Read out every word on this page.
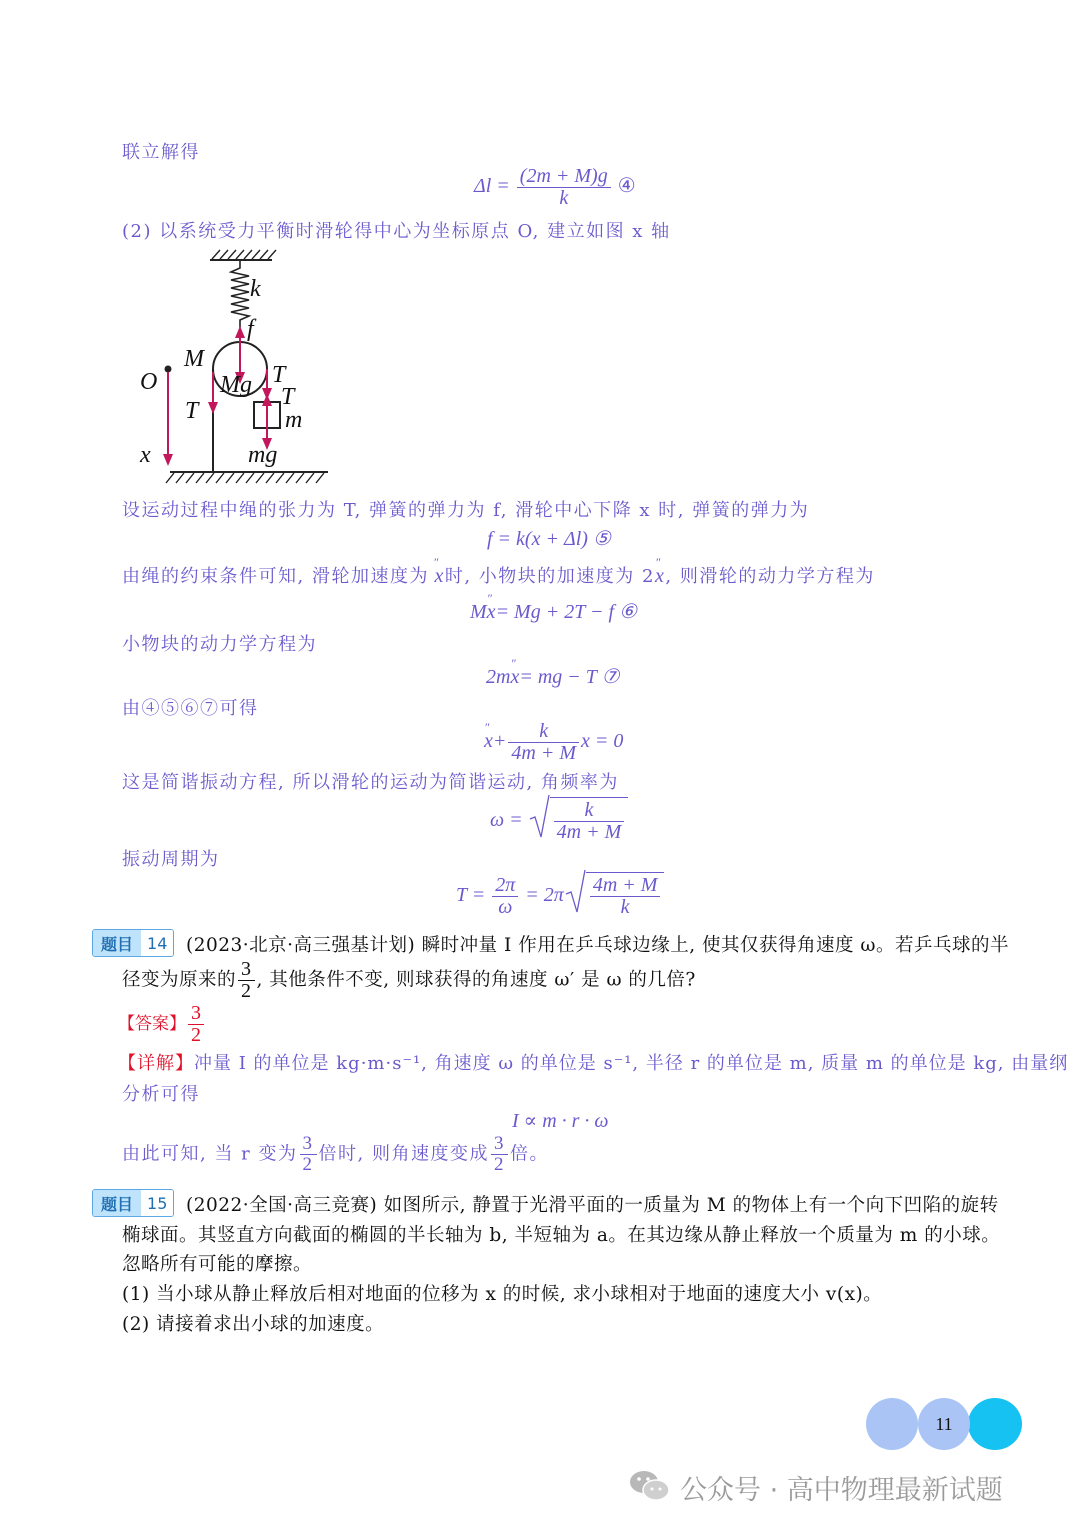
联立解得
$\Delta l = \frac{(2m + M)g}{k}$ ④
(2) 以系统受力平衡时滑轮得中心为坐标原点 O, 建立如图 x 轴
k
f
M
O	Mg T
T
T	m
x	mg
设运动过程中绳的张力为 T, 弹簧的弹力为 f, 滑轮中心下降 x 时, 弹簧的弹力为
f = k(x + Δl) ⑤
由绳的约束条件可知, 滑轮加速度为  x
″
时, 小物块的加速度为 2x
″
, 则滑轮的动力学方程为
Mx
″
= Mg + 2T − f ⑥
小物块的动力学方程为
2mx
″
= mg − T ⑦
由④⑤⑥⑦可得
x
″
+ $\frac{k}{4m + M}$ x = 0
这是简谐振动方程, 所以滑轮的运动为简谐运动, 角频率为
$\omega = \frac{k}{4m + M}$
振动周期为
$T = \frac{2\pi}{\omega} = 2\pi \frac{4m + M}{k}$
题目 14	(2023·北京·高三强基计划) 瞬时冲量 I 作用在乒乓球边缘上, 使其仅获得角速度 ω。若乒乓球的半
径变为原来的 $\frac{3}{2}$ , 其他条件不变, 则球获得的角速度 ω′ 是 ω 的几倍?
【答案】 $\frac{3}{2}$
【详解】冲量 I 的单位是 kg·m·s⁻¹, 角速度 ω 的单位是 s⁻¹, 半径 r 的单位是 m, 质量 m 的单位是 kg, 由量纲
分析可得
I ∝ m · r · ω
由此可知, 当 r 变为 $\frac{3}{2}$ 倍时, 则角速度变成 $\frac{3}{2}$ 倍。
题目 15	(2022·全国·高三竞赛) 如图所示, 静置于光滑平面的一质量为 M 的物体上有一个向下凹陷的旋转
椭球面。其竖直方向截面的椭圆的半长轴为 b, 半短轴为 a。在其边缘从静止释放一个质量为 m 的小球。
忽略所有可能的摩擦。
(1) 当小球从静止释放后相对地面的位移为 x 的时候, 求小球相对于地面的速度大小 v(x)。
(2) 请接着求出小球的加速度。
11
公众号 · 高中物理最新试题
